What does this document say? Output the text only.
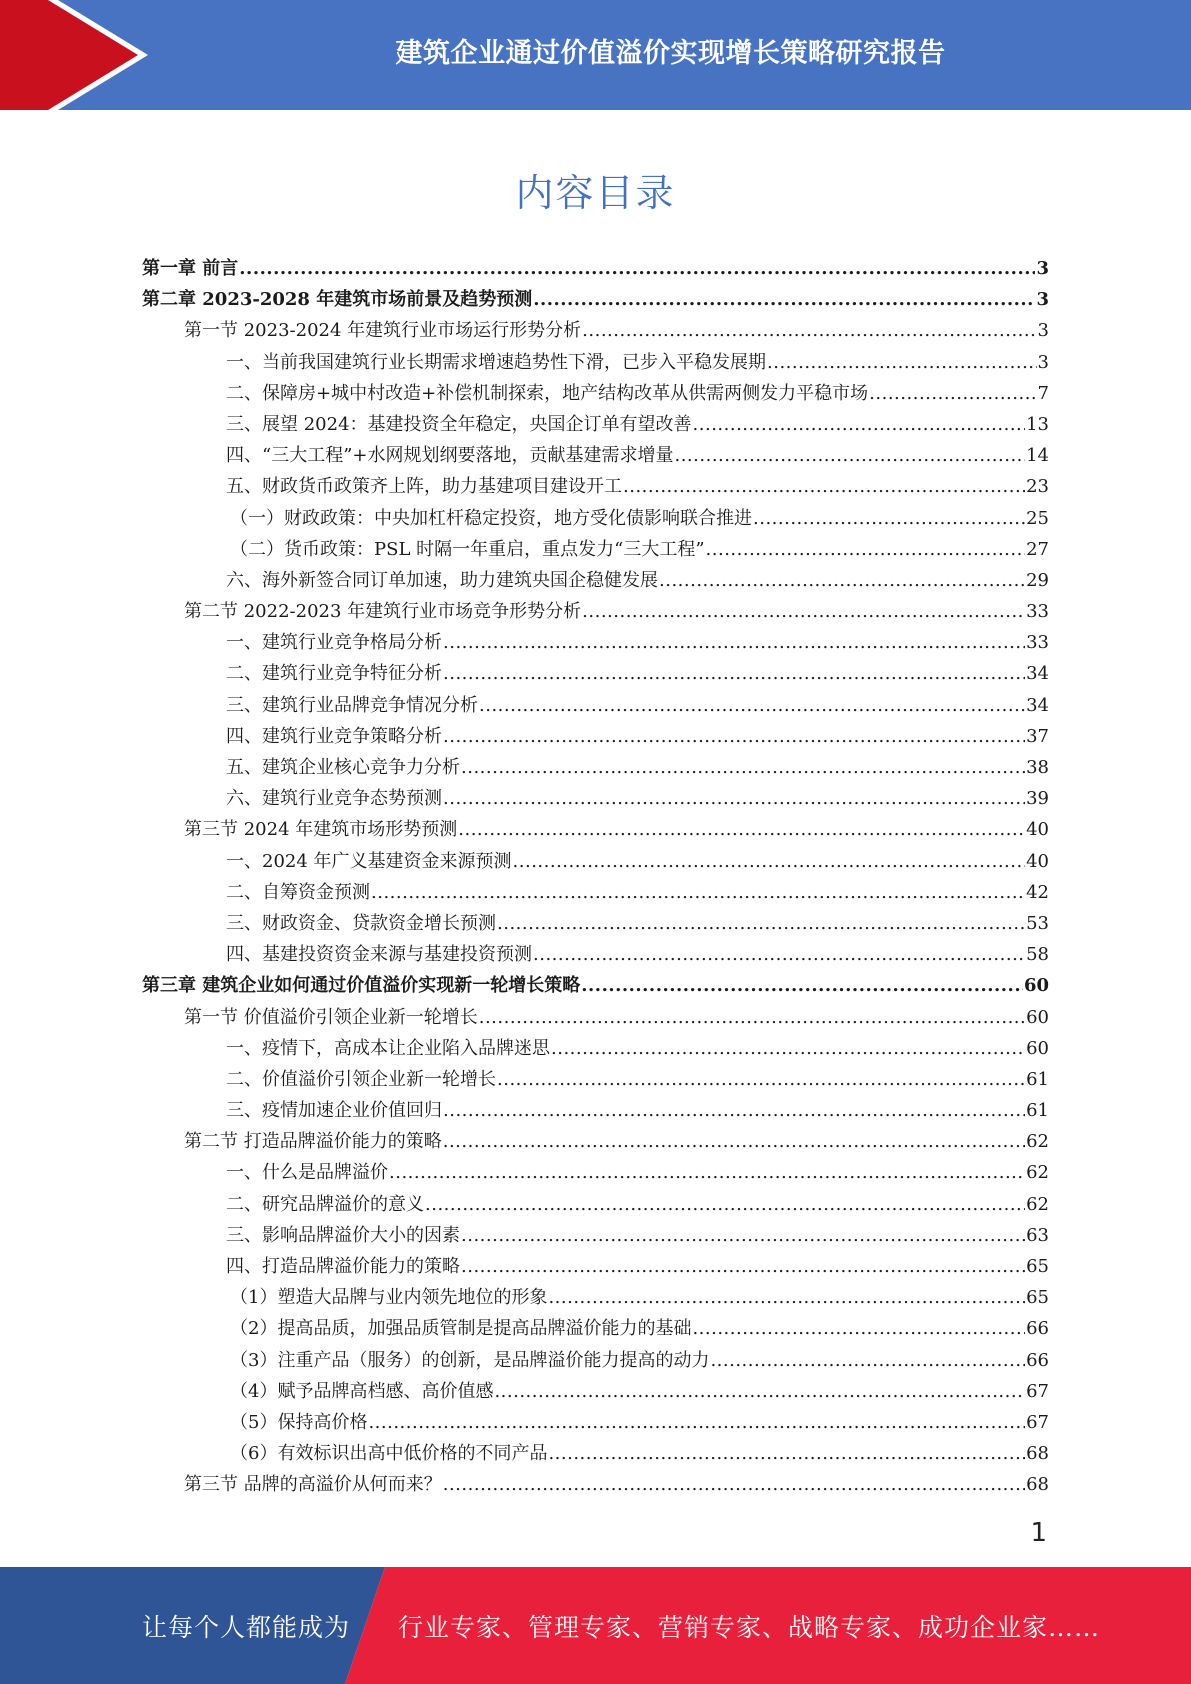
建筑企业通过价值溢价实现增长策略研究报告
内容目录
第一章 前言 .....	3
第二章 2023-2028 年建筑市场前景及趋势预测 .....	3
第一节 2023-2024 年建筑行业市场运行形势分析 .....	3
一、当前我国建筑行业长期需求增速趋势性下滑，已步入平稳发展期 .....	3
二、保障房+城中村改造+补偿机制探索，地产结构改革从供需两侧发力平稳市场 .....	7
三、展望 2024：基建投资全年稳定，央国企订单有望改善 .....	13
四、“三大工程”+水网规划纲要落地，贡献基建需求增量 .....	14
五、财政货币政策齐上阵，助力基建项目建设开工 .....	23
（一）财政政策：中央加杠杆稳定投资，地方受化债影响联合推进 .....	25
（二）货币政策：PSL 时隔一年重启，重点发力“三大工程” .....	27
六、海外新签合同订单加速，助力建筑央国企稳健发展 .....	29
第二节 2022-2023 年建筑行业市场竞争形势分析 .....	33
一、建筑行业竞争格局分析 .....	33
二、建筑行业竞争特征分析 .....	34
三、建筑行业品牌竞争情况分析 .....	34
四、建筑行业竞争策略分析 .....	37
五、建筑企业核心竞争力分析 .....	38
六、建筑行业竞争态势预测 .....	39
第三节 2024 年建筑市场形势预测 .....	40
一、2024 年广义基建资金来源预测 .....	40
二、自筹资金预测 .....	42
三、财政资金、贷款资金增长预测 .....	53
四、基建投资资金来源与基建投资预测 .....	58
第三章 建筑企业如何通过价值溢价实现新一轮增长策略 .....	60
第一节 价值溢价引领企业新一轮增长 .....	60
一、疫情下，高成本让企业陷入品牌迷思 .....	60
二、价值溢价引领企业新一轮增长 .....	61
三、疫情加速企业价值回归 .....	61
第二节 打造品牌溢价能力的策略 .....	62
一、什么是品牌溢价 .....	62
二、研究品牌溢价的意义 .....	62
三、影响品牌溢价大小的因素 .....	63
四、打造品牌溢价能力的策略 .....	65
（1）塑造大品牌与业内领先地位的形象 .....	65
（2）提高品质，加强品质管制是提高品牌溢价能力的基础 .....	66
（3）注重产品（服务）的创新，是品牌溢价能力提高的动力 .....	66
（4）赋予品牌高档感、高价值感 .....	67
（5）保持高价格 .....	67
（6）有效标识出高中低价格的不同产品 .....	68
第三节 品牌的高溢价从何而来？ .....	68
1
让每个人都能成为 行业专家、管理专家、营销专家、战略专家、成功企业家……
